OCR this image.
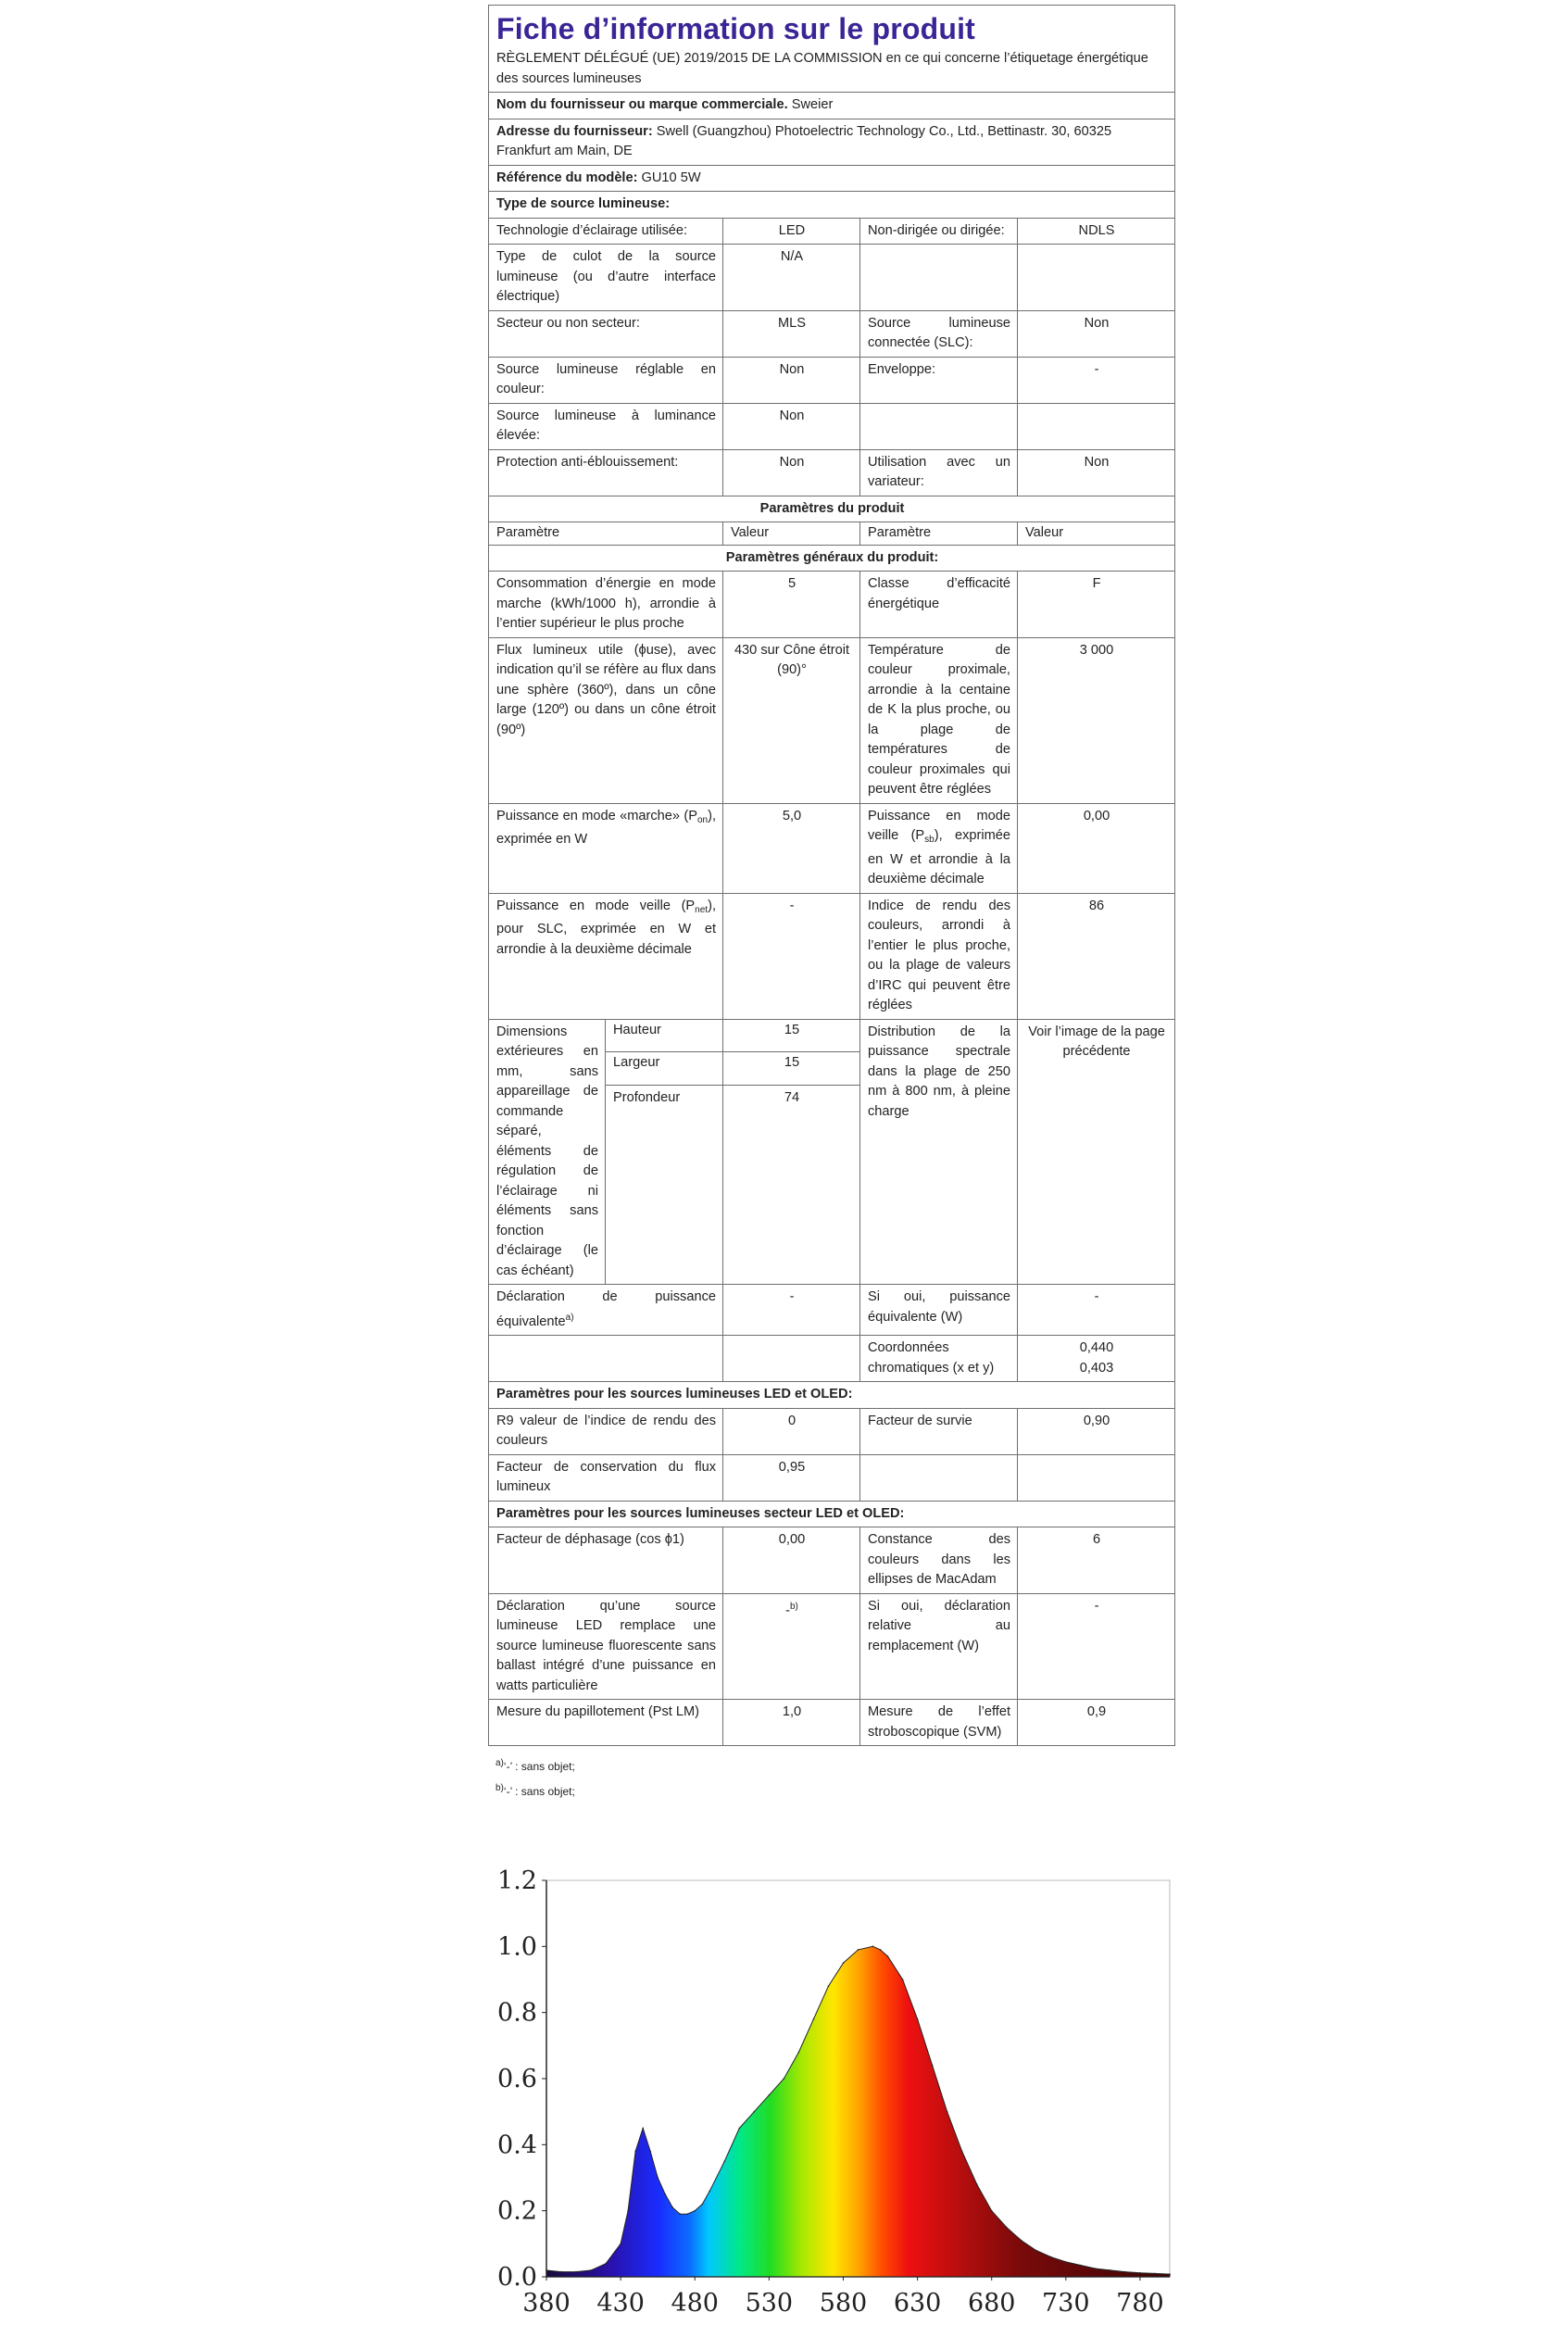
Fiche d’information sur le produit
RÈGLEMENT DÉLÉGUÉ (UE) 2019/2015 DE LA COMMISSION en ce qui concerne l’étiquetage énergétique des sources lumineuses				

Nom du fournisseur ou marque commerciale. Sweier				
Adresse du fournisseur: Swell (Guangzhou) Photoelectric Technology Co., Ltd., Bettinastr. 30, 60325 Frankfurt am Main, DE				
Référence du modèle: GU10 5W				
Type de source lumineuse:				
Technologie d’éclairage utilisée:		LED	Non-dirigée ou dirigée:	NDLS
Type de culot de la source lumineuse (ou d’autre interface électrique)		N/A		
Secteur ou non secteur:		MLS	Source lumineuse connectée (SLC):	Non
Source lumineuse réglable en couleur:		Non	Enveloppe:	-
Source lumineuse à luminance élevée:		Non		
Protection anti-éblouissement:		Non	Utilisation avec un variateur:	Non
Paramètres du produit				
Paramètre		Valeur	Paramètre	Valeur
Paramètres généraux du produit:				
Consommation d’énergie en mode marche (kWh/1000 h), arrondie à l’entier supérieur le plus proche		5	Classe d’efficacité énergétique	F
Flux lumineux utile (ϕuse), avec indication qu’il se réfère au flux dans une sphère (360º), dans un cône large (120º) ou dans un cône étroit (90º)		430 sur Cône étroit (90)°	Température de couleur proximale, arrondie à la centaine de K la plus proche, ou la plage de températures de couleur proximales qui peuvent être réglées	3 000
Puissance en mode «marche» $(P_{on})$, exprimée en W		5,0	Puissance en mode veille $(P_{sb})$, exprimée en W et arrondie à la deuxième décimale	0,00
Puissance en mode veille $(P_{net})$, pour SLC, exprimée en W et arrondie à la deuxième décimale		-	Indice de rendu des couleurs, arrondi à l’entier le plus proche, ou la plage de valeurs d’IRC qui peuvent être réglées	86
Dimensions extérieures en mm, sans appareillage de commande séparé, éléments de régulation de l’éclairage ni éléments sans fonction d’éclairage (le cas échéant)	Hauteur	15	Distribution de la puissance spectrale dans la plage de 250 nm à 800 nm, à pleine charge	Voir l’image de la page précédente
	Largeur	15		
	Profondeur	74		
Déclaration de puissance équivalente$^{a)}$		-	Si oui, puissance équivalente (W)	-
			Coordonnées chromatiques (x et y)	0,440
0,403

Paramètres pour les sources lumineuses LED et OLED:				
R9 valeur de l’indice de rendu des couleurs		0	Facteur de survie	0,90
Facteur de conservation du flux lumineux		0,95		
Paramètres pour les sources lumineuses secteur LED et OLED:				
Facteur de déphasage (cos ϕ1)		0,00	Constance des couleurs dans les ellipses de MacAdam	6
Déclaration qu’une source lumineuse LED remplace une source lumineuse fluorescente sans ballast intégré d’une puissance en watts particulière		-$^{b)}$	Si oui, déclaration relative au remplacement (W)	-
Mesure du papillotement (Pst LM)		1,0	Mesure de l’effet stroboscopique (SVM)	0,9
$^{a)}$‘-’ : sans objet;
$^{b)}$‘-’ : sans objet;
0.0
0.2
0.4
0.6
0.8
1.0
1.2
380 430 480 530 580 630 680 730 780
